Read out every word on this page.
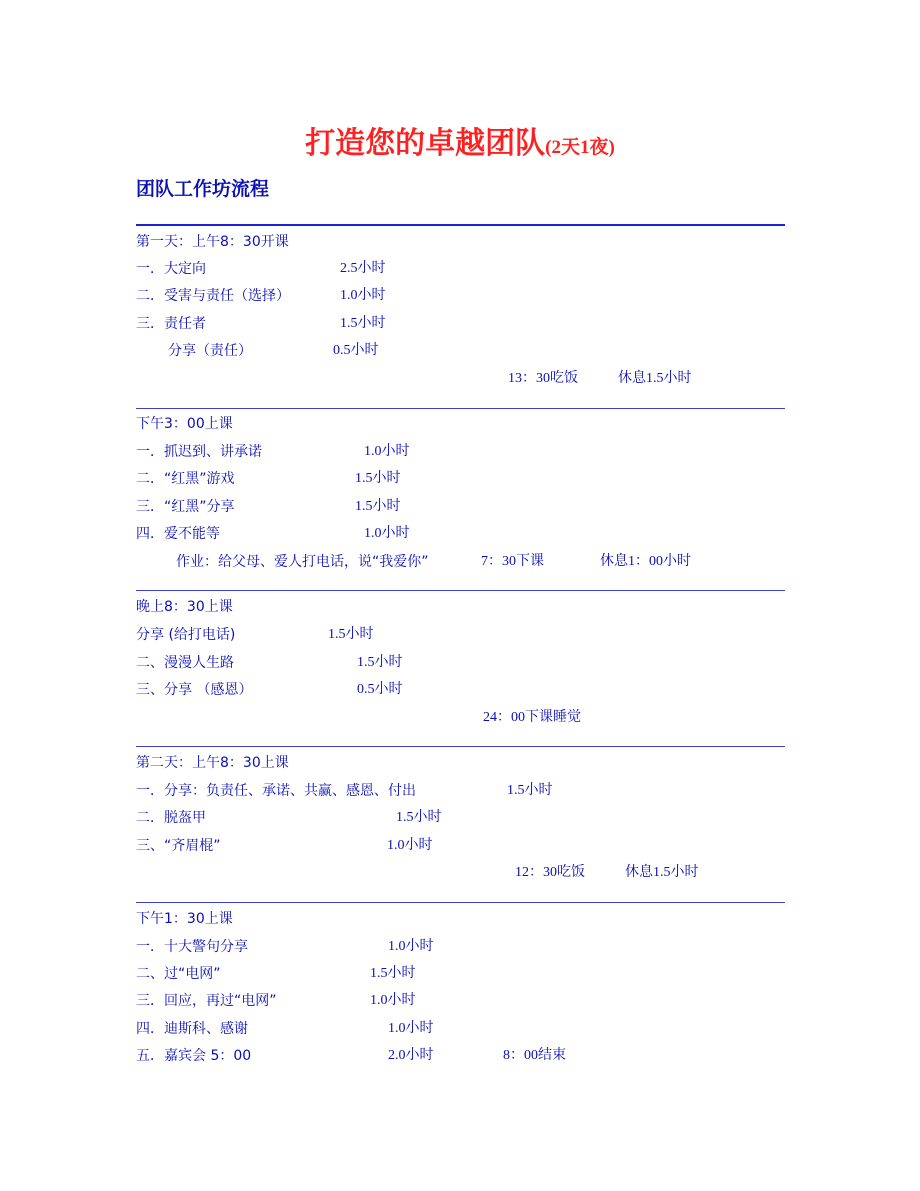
打造您的卓越团队(2天1夜)
团队工作坊流程
第一天：上午8：30开课
一．大定向	2.5小时
二．受害与责任（选择）	1.0小时
三．责任者	1.5小时
分享（责任）	0.5小时
13：30吃饭	休息1.5小时
下午3：00上课
一．抓迟到、讲承诺	1.0小时
二．“红黑”游戏	1.5小时
三．“红黑”分享	1.5小时
四．爱不能等	1.0小时
作业：给父母、爱人打电话，说“我爱你”	7：30下课	休息1：00小时
晚上8：30上课
分享 (给打电话)	1.5小时
二、漫漫人生路	1.5小时
三、分享 （感恩）	0.5小时
24：00下课睡觉
第二天：上午8：30上课
一．分享：负责任、承诺、共赢、感恩、付出	1.5小时
二．脱盔甲	1.5小时
三、“齐眉棍”	1.0小时
12：30吃饭	休息1.5小时
下午1：30上课
一．十大警句分享	1.0小时
二、过“电网”	1.5小时
三．回应，再过“电网”	1.0小时
四．迪斯科、感谢	1.0小时
五．嘉宾会 5：00	2.0小时	8：00结束
